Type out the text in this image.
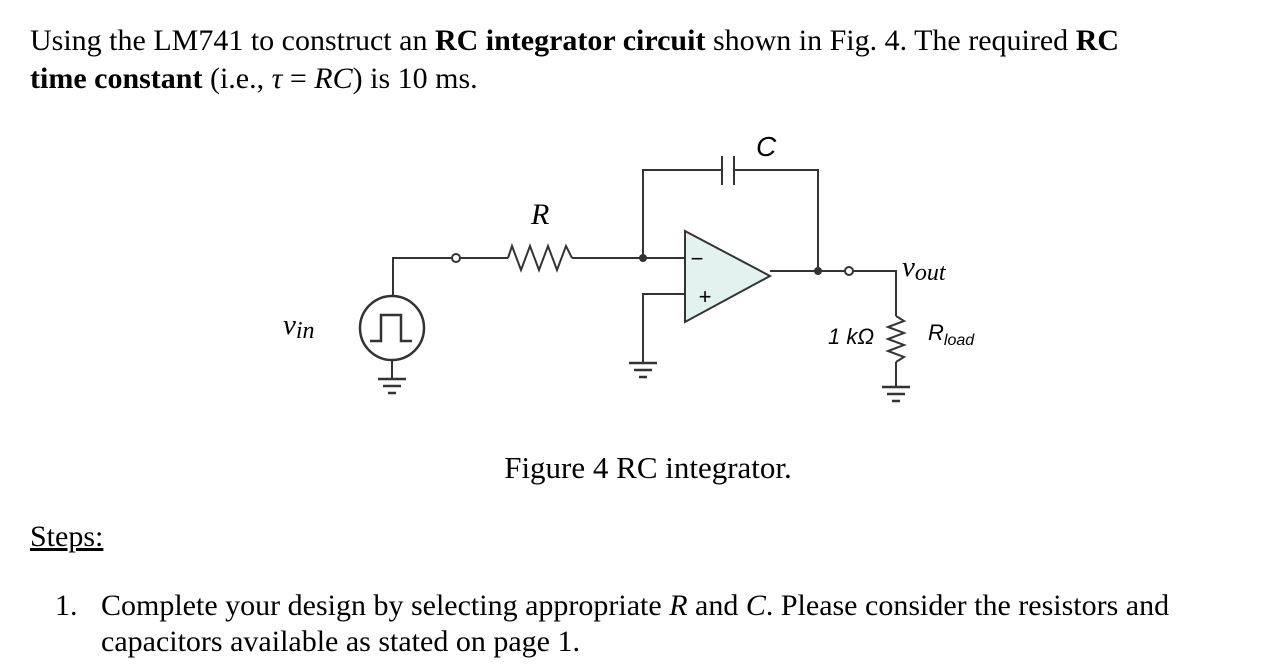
Using the LM741 to construct an RC integrator circuit shown in Fig. 4. The required RC
time constant (i.e., τ = RC) is 10 ms.

−
+
C
R
vout
vin	1 kΩ $R_{load}$
Figure 4 RC integrator.
Steps:
1. Complete your design by selecting appropriate R and C. Please consider the resistors and capacitors available as stated on page 1.
